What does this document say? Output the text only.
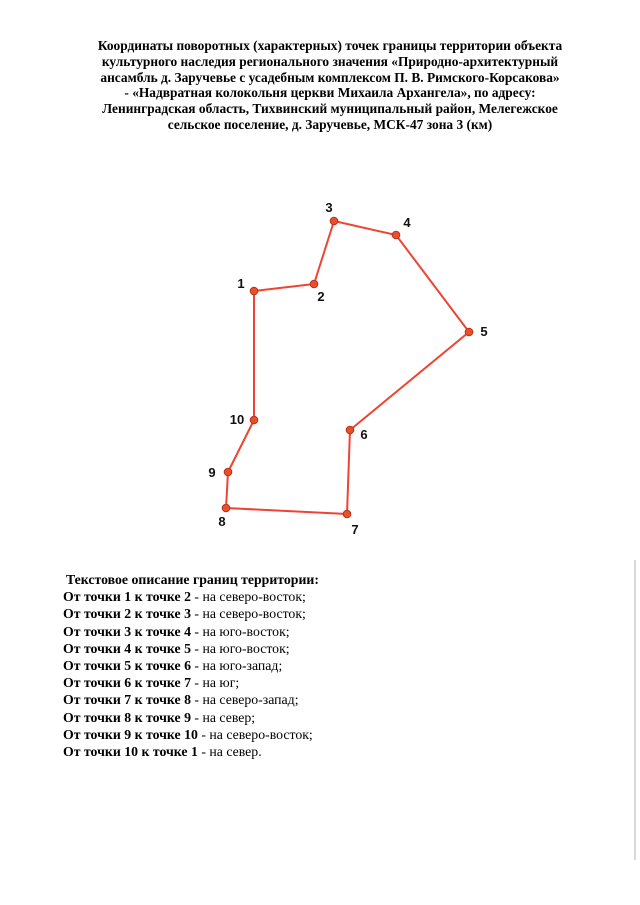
Координаты поворотных (характерных) точек границы территории объекта
культурного наследия регионального значения «Природно-архитектурный
ансамбль д. Заручевье с усадебным комплексом П. В. Римского-Корсакова»
- «Надвратная колокольня церкви Михаила Архангела», по адресу:
Ленинградская область, Тихвинский муниципальный район, Мелегежское
сельское поселение, д. Заручевье, МСК-47 зона 3 (км)
1
2
3
4
5
6
7
8
9
10
Текстовое описание границ территории:
От точки 1 к точке 2 - на северо-восток;
От точки 2 к точке 3 - на северо-восток;
От точки 3 к точке 4 - на юго-восток;
От точки 4 к точке 5 - на юго-восток;
От точки 5 к точке 6 - на юго-запад;
От точки 6 к точке 7 - на юг;
От точки 7 к точке 8 - на северо-запад;
От точки 8 к точке 9 - на север;
От точки 9 к точке 10 - на северо-восток;
От точки 10 к точке 1 - на север.
